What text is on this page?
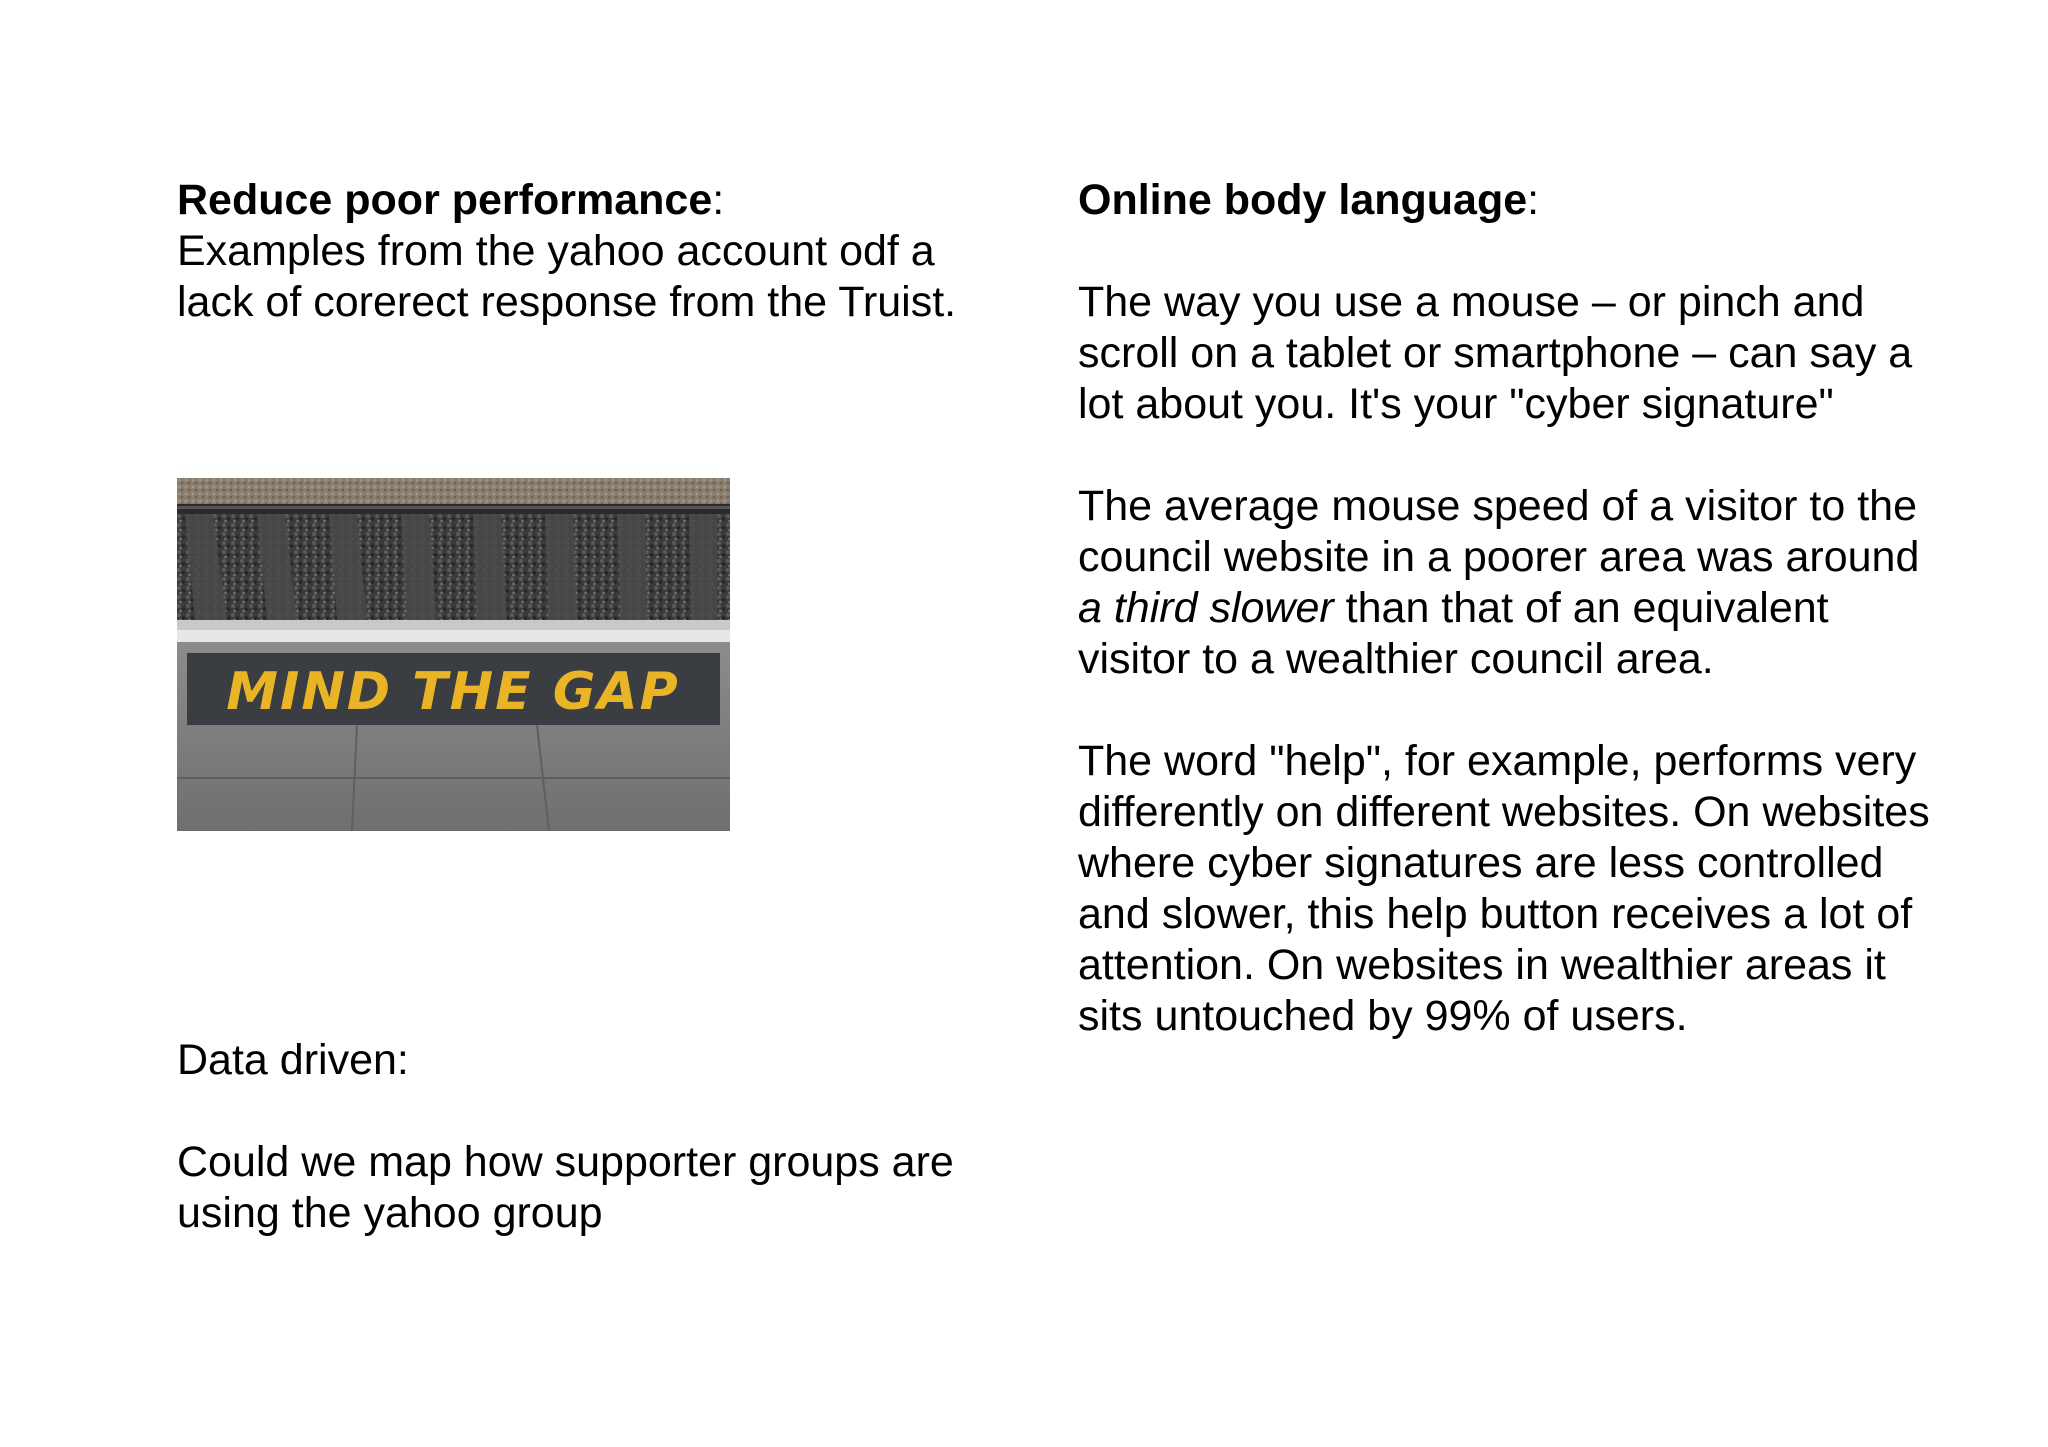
Reduce poor performance:
Examples from the yahoo account odf a lack of corerect response from the Truist.
MIND THE GAP
Data driven:
Could we map how supporter groups are using the yahoo group
Online body language:
The way you use a mouse – or pinch and scroll on a tablet or smartphone – can say a lot about you. It's your "cyber signature"
The average mouse speed of a visitor to the council website in a poorer area was around a third slower than that of an equivalent visitor to a wealthier council area.
The word "help", for example, performs very differently on different websites. On websites where cyber signatures are less controlled and slower, this help button receives a lot of attention. On websites in wealthier areas it sits untouched by 99% of users.
